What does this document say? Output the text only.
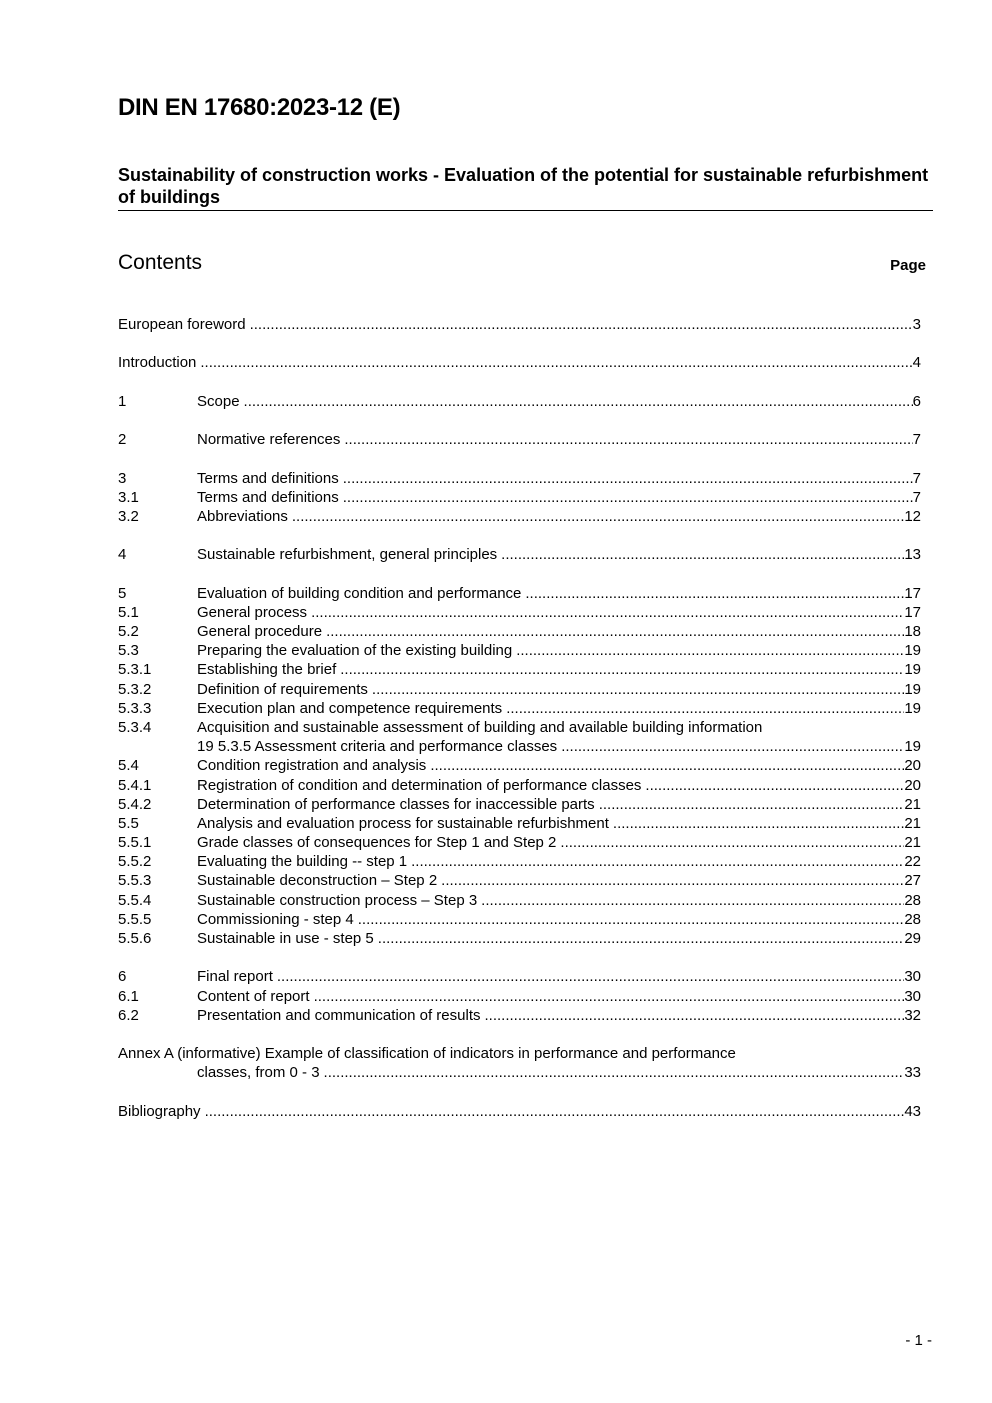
DIN EN 17680:2023-12 (E)
Sustainability of construction works - Evaluation of the potential for sustainable refurbishment of buildings
Contents	Page
European foreword .....	3
Introduction .....	4
1	Scope .....	6
2	Normative references .....	7
3	Terms and definitions .....	7
3.1	Terms and definitions .....	7
3.2	Abbreviations .....	12
4	Sustainable refurbishment, general principles .....	13
5	Evaluation of building condition and performance .....	17
5.1	General process .....	17
5.2	General procedure .....	18
5.3	Preparing the evaluation of the existing building .....	19
5.3.1	Establishing the brief .....	19
5.3.2	Definition of requirements .....	19
5.3.3	Execution plan and competence requirements .....	19
5.3.4	Acquisition and sustainable assessment of building and available building information
19 5.3.5 Assessment criteria and performance classes .....	19
5.4	Condition registration and analysis .....	20
5.4.1	Registration of condition and determination of performance classes .....	20
5.4.2	Determination of performance classes for inaccessible parts .....	21
5.5	Analysis and evaluation process for sustainable refurbishment .....	21
5.5.1	Grade classes of consequences for Step 1 and Step 2 .....	21
5.5.2	Evaluating the building -- step 1 .....	22
5.5.3	Sustainable deconstruction – Step 2 .....	27
5.5.4	Sustainable construction process – Step 3 .....	28
5.5.5	Commissioning - step 4 .....	28
5.5.6	Sustainable in use - step 5 .....	29
6	Final report .....	30
6.1	Content of report .....	30
6.2	Presentation and communication of results .....	32
Annex A (informative) Example of classification of indicators in performance and performance
classes, from 0 - 3 .....	33
Bibliography .....	43
- 1 -
